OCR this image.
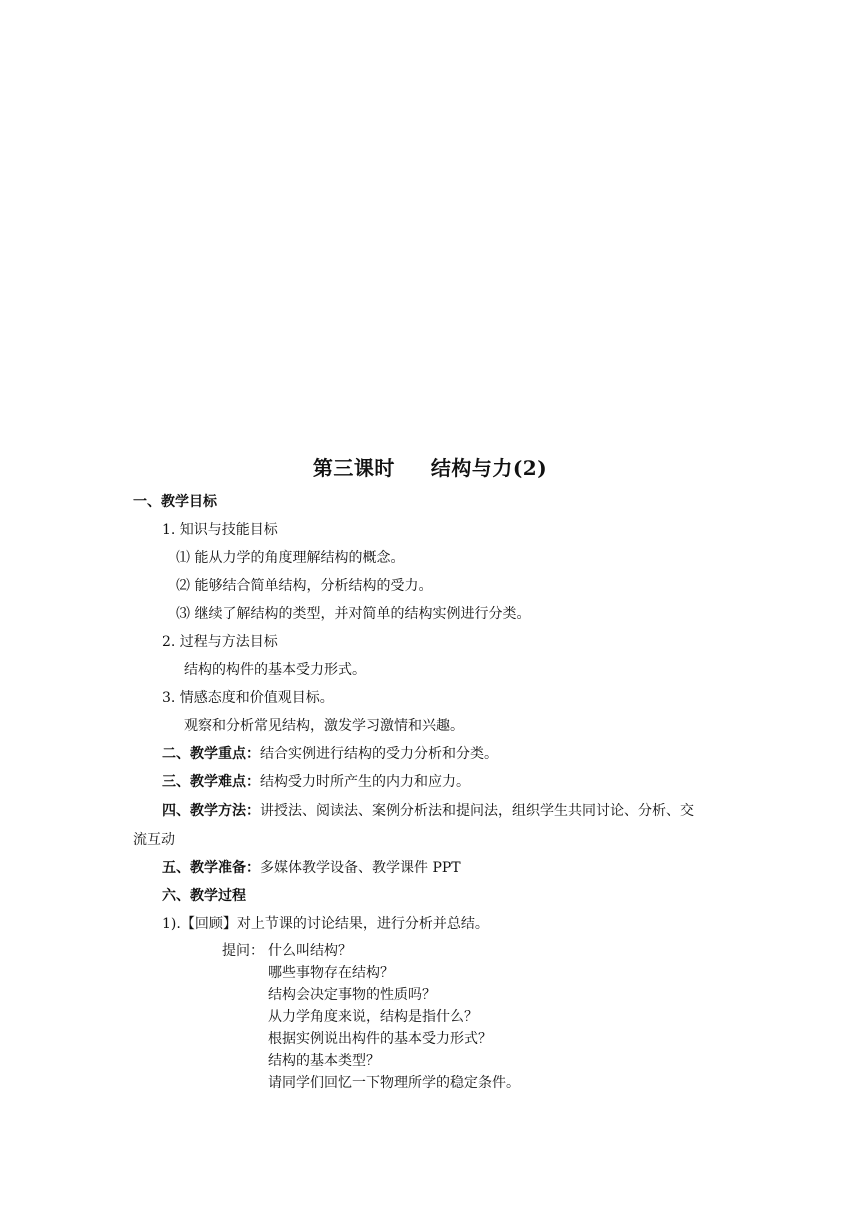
第三课时 结构与力(2)
一、教学目标
1. 知识与技能目标
⑴ 能从力学的角度理解结构的概念。
⑵ 能够结合简单结构，分析结构的受力。
⑶ 继续了解结构的类型，并对简单的结构实例进行分类。
2. 过程与方法目标
结构的构件的基本受力形式。
3. 情感态度和价值观目标。
观察和分析常见结构，激发学习激情和兴趣。
二、教学重点：结合实例进行结构的受力分析和分类。
三、教学难点：结构受力时所产生的内力和应力。
四、教学方法：讲授法、阅读法、案例分析法和提问法，组织学生共同讨论、分析、交
流互动
五、教学准备：多媒体教学设备、教学课件 PPT
六、教学过程
1).【回顾】对上节课的讨论结果，进行分析并总结。
提问： 什么叫结构？
哪些事物存在结构？
结构会决定事物的性质吗？
从力学角度来说，结构是指什么？
根据实例说出构件的基本受力形式？
结构的基本类型？
请同学们回忆一下物理所学的稳定条件。
